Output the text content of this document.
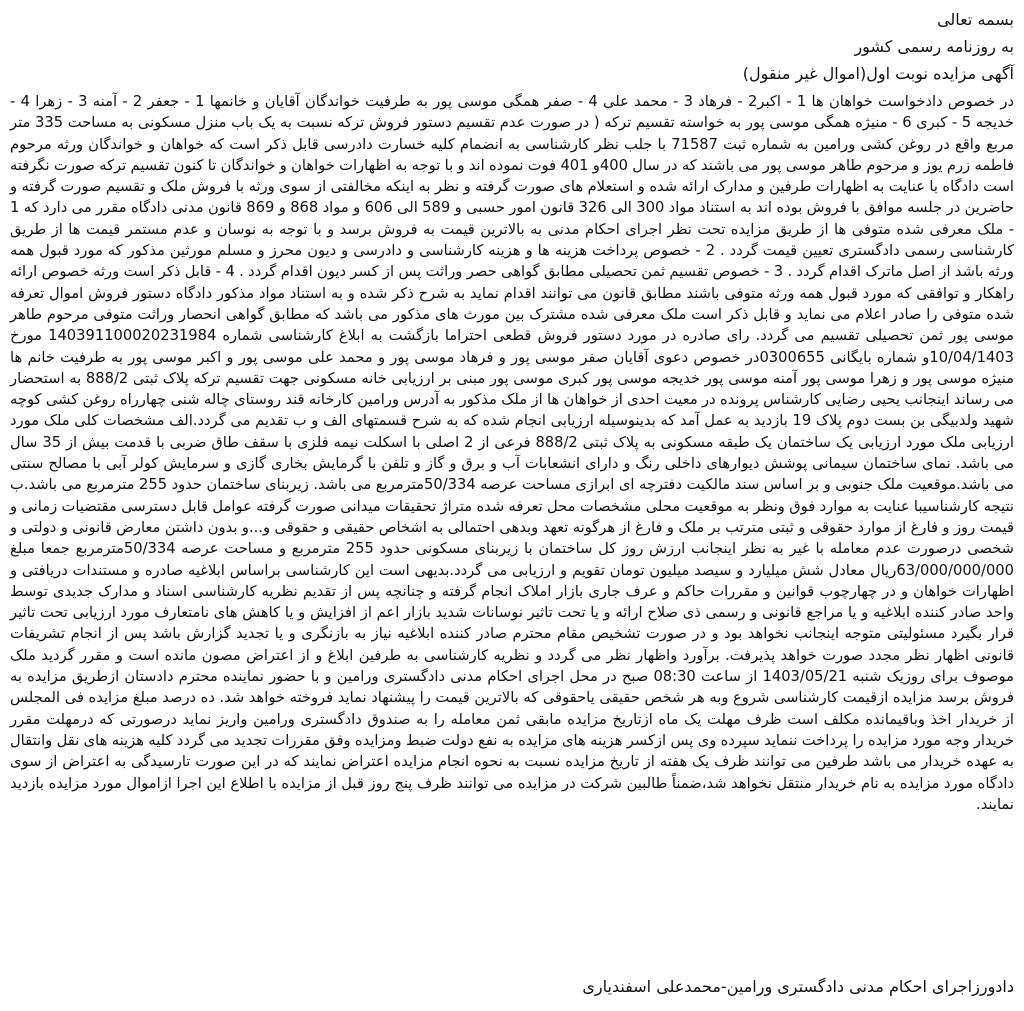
بسمه تعالی
به روزنامه رسمی کشور
آگهی مزایده نوبت اول(اموال غیر منقول)

در خصوص دادخواست خواهان ها 1 - اکبر2 - فرهاد 3 - محمد علی 4 - صفر همگی موسی پور به طرفیت خواندگان آقایان و خانمها 1 - جعفر 2 - آمنه 3 - زهرا 4 - خدیجه 5 - کبری 6 - منیژه همگی موسی پور به خواسته تقسیم ترکه ( در صورت عدم تقسیم دستور فروش ترکه نسبت به یک باب منزل مسکونی به مساحت 335 متر مربع واقع در روغن کشی ورامین به شماره ثبت 71587 با جلب نظر کارشناسی به انضمام کلیه خسارت دادرسی قابل ذکر است که خواهان و خواندگان ورثه مرحوم فاطمه زرم یوز و مرحوم طاهر موسی پور می باشند که در سال 400و 401 فوت نموده اند و با توجه به اظهارات خواهان و خواندگان تا کنون تقسیم ترکه صورت نگرفته است دادگاه با عنایت به اظهارات طرفین و مدارک ارائه شده و استعلام های صورت گرفته و نظر به اینکه مخالفتی از سوی ورثه با فروش ملک و تقسیم صورت گرفته و حاضرین در جلسه موافق با فروش بوده اند به استناد مواد 300 الی 326 قانون امور حسبی و 589 الی 606 و مواد 868 و 869 قانون مدنی دادگاه مقرر می دارد که 1 - ملک معرفی شده متوفی ها از طریق مزایده تحت نظر اجرای احکام مدنی به بالاترین قیمت به فروش برسد و با توجه به نوسان و عدم مستمر قیمت ها از طریق کارشناسی رسمی دادگستری تعیین قیمت گردد . 2 - خصوص پرداخت هزینه ها و هزینه کارشناسی و دادرسی و دیون محرز و مسلم مورثین مذکور که مورد قبول همه ورثه باشد از اصل ماترک اقدام گردد . 3 - خصوص تقسیم ثمن تحصیلی مطابق گواهی حصر وراثت پس از کسر دیون اقدام گردد . 4 - قابل ذکر است ورثه خصوص ارائه راهکار و توافقی که مورد قبول همه ورثه متوفی باشند مطابق قانون می توانند اقدام نماید به شرح ذکر شده و به استناد مواد مذکور دادگاه دستور فروش اموال تعرفه شده متوفی را صادر اعلام می نماید و قابل ذکر است ملک معرفی شده مشترک بین مورث های مذکور می باشد که مطابق گواهی انحصار وراثت متوفی مرحوم طاهر موسی پور ثمن تحصیلی تقسیم می گردد. رای صادره در مورد دستور فروش قطعی احتراما بازگشت به ابلاغ کارشناسی شماره 140391100020231984 مورخ 10/04/1403و شماره بایگانی 0300655در خصوص دعوی آقایان صفر موسی پور و فرهاد موسی پور و محمد علی موسی پور و اکبر موسی پور به طرفیت خانم ها منیژه موسی پور و زهرا موسی پور آمنه موسی پور خدیجه موسی پور کبری موسی پور مبنی بر ارزیابی خانه مسکونی جهت تقسیم ترکه پلاک ثبتی 888/2 به استحضار می رساند اینجانب یحیی رضایی کارشناس پرونده در معیت احدی از خواهان ها از ملک مذکور به آدرس ورامین کارخانه قند روستای چاله شنی چهارراه روغن کشی کوچه شهید ولدبیگی بن بست دوم پلاک 19 بازدید به عمل آمد که بدینوسیله ارزیابی انجام شده که به شرح قسمتهای الف و ب تقدیم می گردد.الف مشخصات کلی ملک مورد ارزیابی ملک مورد ارزیابی یک ساختمان یک طبقه مسکونی به پلاک ثبتی 888/2 فرعی از 2 اصلی با اسکلت نیمه فلزی با سقف طاق ضربی با قدمت بیش از 35 سال می باشد. نمای ساختمان سیمانی پوشش دیوارهای داخلی رنگ و دارای انشعابات آب و برق و گاز و تلفن با گرمایش بخاری گازی و سرمایش کولر آبی با مصالح سنتی می باشد.موقعیت ملک جنوبی و بر اساس سند مالکیت دفترچه ای ابرازی مساحت عرصه 50/334مترمربع می باشد. زیربنای ساختمان حدود 255 مترمربع می باشد.ب نتیجه کارشناسیبا عنایت به موارد فوق ونظر به موقعیت محلی مشخصات محل تعرفه شده متراژ تحقیقات میدانی صورت گرفته عوامل قابل دسترسی مقتضیات زمانی و قیمت روز و فارغ از موارد حقوقی و ثبتی مترتب بر ملک و فارغ از هرگونه تعهد وبدهی احتمالی به اشخاص حقیقی و حقوقی و...و بدون داشتن معارض قانونی و دولتی و شخصی درصورت عدم معامله با غیر به نظر اینجانب ارزش روز کل ساختمان با زیربنای مسکونی حدود 255 مترمربع و مساحت عرصه 50/334مترمربع جمعا مبلغ 63/000/000/000ریال معادل شش میلیارد و سیصد میلیون تومان تقویم و ارزیابی می گردد.بدیهی است این کارشناسی براساس ابلاغیه صادره و مستندات دریافتی و اظهارات خواهان و در چهارچوب قوانین و مقررات حاکم و عرف جاری بازار املاک انجام گرفته و چنانچه پس از تقدیم نظریه کارشناسی اسناد و مدارک جدیدی توسط واحد صادر کننده ابلاغیه و یا مراجع قانونی و رسمی ذی صلاح ارائه و یا تحت تاثیر نوسانات شدید بازار اعم از افزایش و یا کاهش های نامتعارف مورد ارزیابی تحت تاثیر قرار بگیرد مسئولیتی متوجه اینجانب نخواهد بود و در صورت تشخیص مقام محترم صادر کننده ابلاغیه نیاز به بازنگری و یا تجدید گزارش باشد پس از انجام تشریفات قانونی اظهار نظر مجدد صورت خواهد پذیرفت. برآورد واظهار نظر می گردد و نظریه کارشناسی به طرفین ابلاغ و از اعتراض مصون مانده است و مقرر گردید ملک موصوف برای روزیک شنبه 1403/05/21 از ساعت 08:30 صبح در محل اجرای احکام مدنی دادگستری ورامین و با حضور نماینده محترم دادستان ازطریق مزایده به فروش برسد مزایده ازقیمت کارشناسی شروع وبه هر شخص حقیقی یاحقوقی که بالاترین قیمت را پیشنهاد نماید فروخته خواهد شد. ده درصد مبلغ مزایده فی المجلس از خریدار اخذ وباقیمانده مکلف است ظرف مهلت یک ماه ازتاریخ مزایده مابقی ثمن معامله را به صندوق دادگستری ورامین واریز نماید درصورتی که درمهلت مقرر خریدار وجه مورد مزایده را پرداخت ننماید سپرده وی پس ازکسر هزینه های مزایده به نفع دولت ضبط ومزایده وفق مقررات تجدید می گردد کلیه هزینه های نقل وانتقال به عهده خریدار می باشد طرفین می توانند ظرف یک هفته از تاریخ مزایده نسبت به نحوه انجام مزایده اعتراض نمایند که در این صورت تارسیدگی به اعتراض از سوی دادگاه مورد مزایده به نام خریدار منتقل نخواهد شد،ضمناً طالبین شرکت در مزایده می توانند ظرف پنج روز قبل از مزایده با اطلاع این اجرا ازاموال مورد مزایده بازدید نمایند.

دادورزاجرای احکام مدنی دادگستری ورامین-محمدعلی اسفندیاری
